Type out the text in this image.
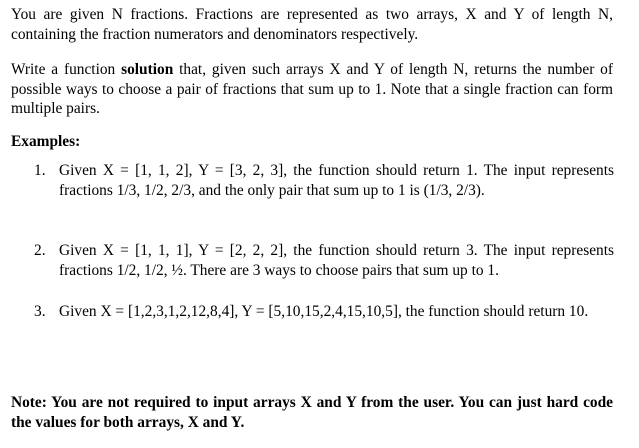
You are given N fractions. Fractions are represented as two arrays, X and Y of length N, containing the fraction numerators and denominators respectively.

Write a function solution that, given such arrays X and Y of length N, returns the number of possible ways to choose a pair of fractions that sum up to 1. Note that a single fraction can form multiple pairs.

Examples:

1. Given X = [1, 1, 2], Y = [3, 2, 3], the function should return 1. The input represents fractions 1/3, 1/2, 2/3, and the only pair that sum up to 1 is (1/3, 2/3).
2. Given X = [1, 1, 1], Y = [2, 2, 2], the function should return 3. The input represents fractions 1/2, 1/2, ½. There are 3 ways to choose pairs that sum up to 1.
3. Given X = [1,2,3,1,2,12,8,4], Y = [5,10,15,2,4,15,10,5], the function should return 10.

Note: You are not required to input arrays X and Y from the user. You can just hard code the values for both arrays, X and Y.
